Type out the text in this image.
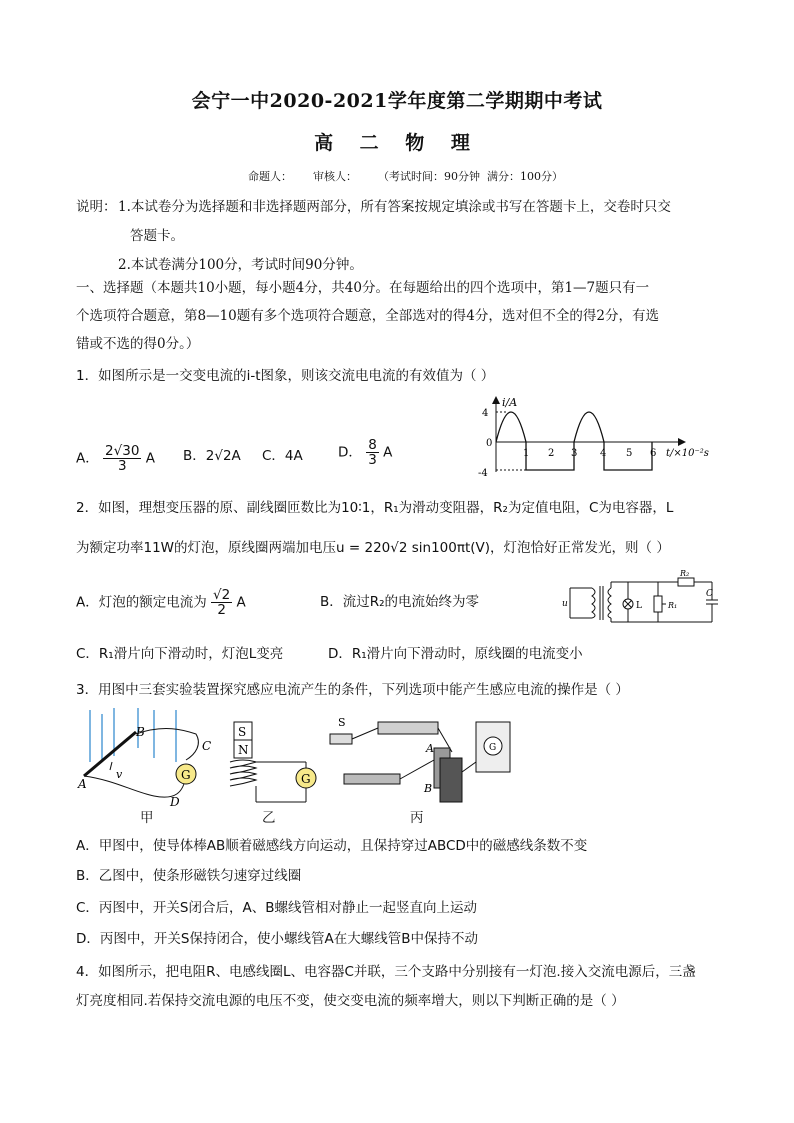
会宁一中2020-2021学年度第二学期期中考试
高 二 物 理
命题人：      审核人：      （考试时间：90分钟  满分：100分）
说明： 1.本试卷分为选择题和非选择题两部分，所有答案按规定填涂或书写在答题卡上，交卷时只交
答题卡。
2.本试卷满分100分，考试时间90分钟。
一、选择题（本题共10小题，每小题4分，共40分。在每题给出的四个选项中，第1—7题只有一
个选项符合题意，第8—10题有多个选项符合题意，全部选对的得4分，选对但不全的得2分，有选
错或不选的得0分。）
1．如图所示是一交变电流的i-t图象，则该交流电电流的有效值为（ ）
A． $\frac{2√30}{3}$ A B．2√2A C．4A	D． $\frac{8}{3}$ A
i/A
4
0
-4
1 2 3 4 5 6 t/×10⁻²s
2．如图，理想变压器的原、副线圈匝数比为10∶1，R₁为滑动变阻器，R₂为定值电阻，C为电容器，L
为额定功率11W的灯泡，原线圈两端加电压u = 220√2 sin100πt(V)，灯泡恰好正常发光，则（ ）
A．灯泡的额定电流为 $\frac{√2}{2}$ A	B．流过R₂的电流始终为零
C．R₁滑片向下滑动时，灯泡L变亮	D．R₁滑片向下滑动时，原线圈的电流变小
u	L	R₁
R₂
C
3．用图中三套实验装置探究感应电流产生的条件，下列选项中能产生感应电流的操作是（ ）
G
A
B
C
D
v
甲
S
N
G
乙
S
A
B
G
丙
A．甲图中，使导体棒AB顺着磁感线方向运动，且保持穿过ABCD中的磁感线条数不变
B．乙图中，使条形磁铁匀速穿过线圈
C．丙图中，开关S闭合后，A、B螺线管相对静止一起竖直向上运动
D．丙图中，开关S保持闭合，使小螺线管A在大螺线管B中保持不动
4．如图所示，把电阻R、电感线圈L、电容器C并联，三个支路中分别接有一灯泡.接入交流电源后，三盏
灯亮度相同.若保持交流电源的电压不变，使交变电流的频率增大，则以下判断正确的是（ ）
